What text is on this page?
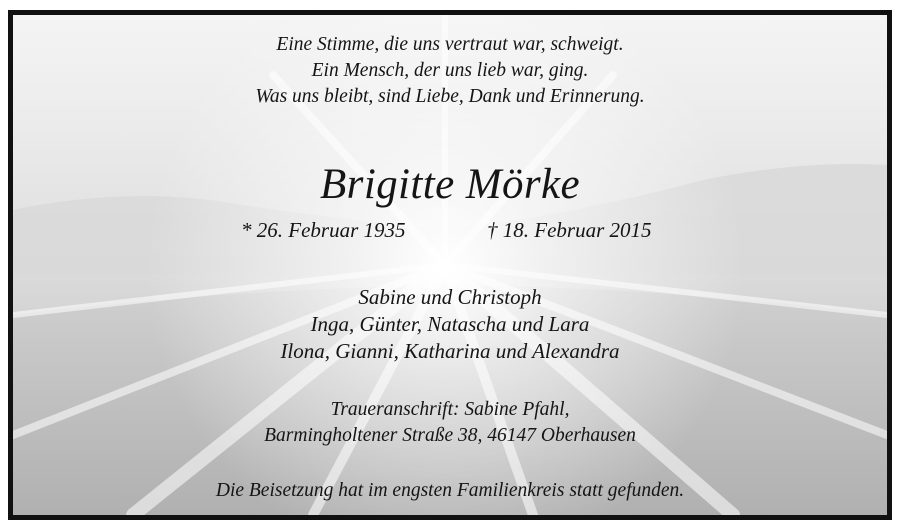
Eine Stimme, die uns vertraut war, schweigt.
Ein Mensch, der uns lieb war, ging.
Was uns bleibt, sind Liebe, Dank und Erinnerung.
Brigitte Mörke
* 26. Februar 1935	† 18. Februar 2015
Sabine und Christoph
Inga, Günter, Natascha und Lara
Ilona, Gianni, Katharina und Alexandra
Traueranschrift: Sabine Pfahl,
Barmingholtener Straße 38, 46147 Oberhausen
Die Beisetzung hat im engsten Familienkreis statt gefunden.
